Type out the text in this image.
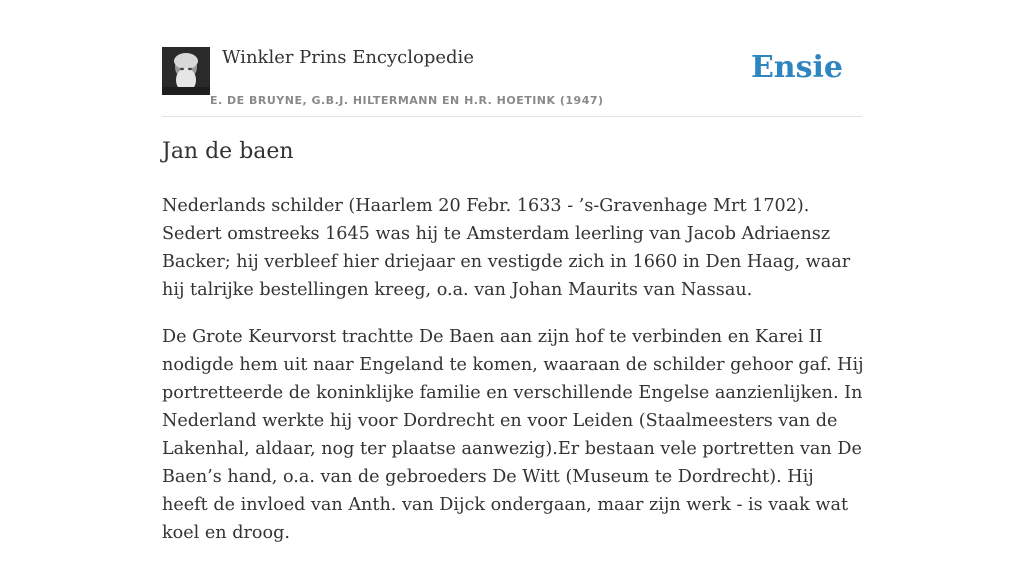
Winkler Prins Encyclopedie
E. DE BRUYNE, G.B.J. HILTERMANN EN H.R. HOETINK (1947)
Ensie
Jan de baen

Nederlands schilder (Haarlem 20 Febr. 1633 - ’s-Gravenhage Mrt 1702). Sedert omstreeks 1645 was hij te Amsterdam leerling van Jacob Adriaensz Backer; hij verbleef hier driejaar en vestigde zich in 1660 in Den Haag, waar hij talrijke bestellingen kreeg, o.a. van Johan Maurits van Nassau.

De Grote Keurvorst trachtte De Baen aan zijn hof te verbinden en Karei II nodigde hem uit naar Engeland te komen, waaraan de schilder gehoor gaf. Hij portretteerde de koninklijke familie en verschillende Engelse aanzienlijken. In Nederland werkte hij voor Dordrecht en voor Leiden (Staalmeesters van de Lakenhal, aldaar, nog ter plaatse aanwezig).Er bestaan vele portretten van De Baen’s hand, o.a. van de gebroeders De Witt (Museum te Dordrecht). Hij heeft de invloed van Anth. van Dijck ondergaan, maar zijn werk - is vaak wat koel en droog.
